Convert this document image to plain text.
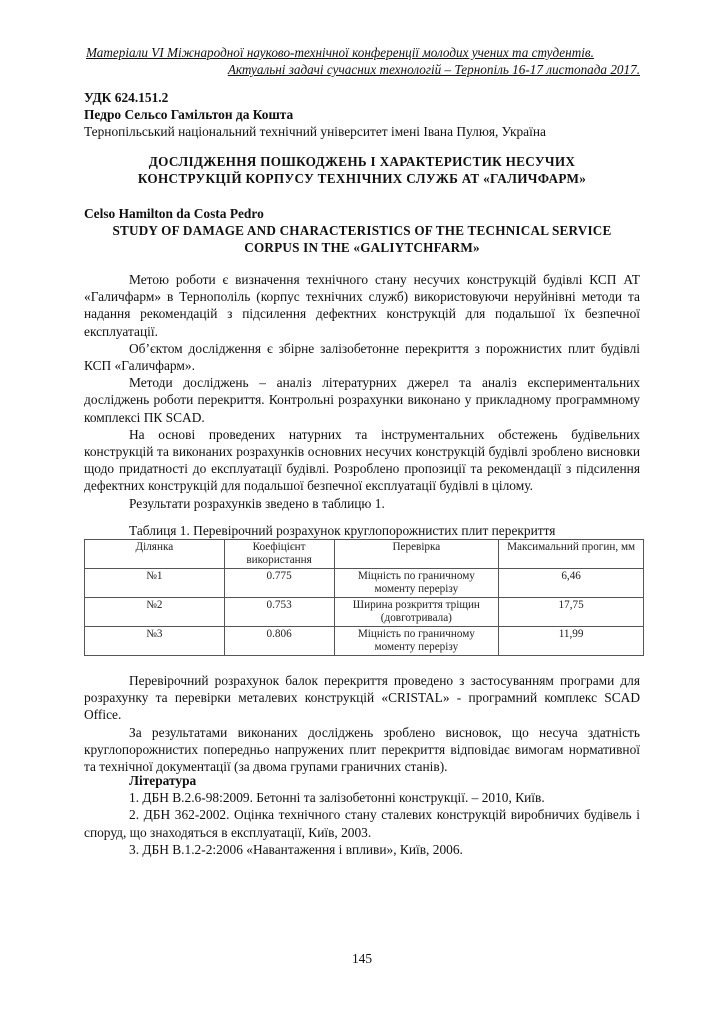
Матеріали VI Міжнародної науково-технічної конференції молодих учених та студентів.
Актуальні задачі сучасних технологій – Тернопіль 16-17 листопада 2017.
УДК 624.151.2
Педро Сельсо Гамільтон да Кошта
Тернопільський національний технічний університет імені Івана Пулюя, Україна
ДОСЛІДЖЕННЯ ПОШКОДЖЕНЬ І ХАРАКТЕРИСТИК НЕСУЧИХ
КОНСТРУКЦІЙ КОРПУСУ ТЕХНІЧНИХ СЛУЖБ АТ «ГАЛИЧФАРМ»
Celso Hamilton da Costa Pedro
STUDY OF DAMAGE AND CHARACTERISTICS OF THE TECHNICAL SERVICE
CORPUS IN THE «GALIYTCHFARM»

Метою роботи є визначення технічного стану несучих конструкцій будівлі КСП АТ «Галичфарм» в Тернополіль (корпус технічних служб) використовуючи неруйнівні методи та надання рекомендацій з підсилення дефектних конструкцій для подальшої їх безпечної експлуатації.

Об’єктом дослідження є збірне залізобетонне перекриття з порожнистих плит будівлі КСП «Галичфарм».

Методи досліджень – аналіз літературних джерел та аналіз експериментальних досліджень роботи перекриття. Контрольні розрахунки виконано у прикладному программному комплексі ПК SCAD.

На основі проведених натурних та інструментальних обстежень будівельних конструкцій та виконаних розрахунків основних несучих конструкцій будівлі зроблено висновки щодо придатності до експлуатації будівлі. Розроблено пропозиції та рекомендації з підсилення дефектних конструкцій для подальшої безпечної експлуатації будівлі в цілому.

Результати розрахунків зведено в таблицю 1.

Таблиця 1. Перевірочний розрахунок круглопорожнистих плит перекриття
Ділянка	Коефіцієнт використання	Перевірка	Максимальний прогин, мм
№1	0.775	Міцність по граничному моменту перерізу	6,46
№2	0.753	Ширина розкриття тріщин (довготривала)	17,75
№3	0.806	Міцність по граничному моменту перерізу	11,99

Перевірочний розрахунок балок перекриття проведено з застосуванням програми для розрахунку та перевірки металевих конструкцій «CRISTAL» - програмний комплекс SCAD Office.

За результатами виконаних досліджень зроблено висновок, що несуча здатність круглопорожнистих попередньо напружених плит перекриття відповідає вимогам нормативної та технічної документації (за двома групами граничних станів).

Література

1. ДБН В.2.6-98:2009. Бетонні та залізобетонні конструкції. – 2010, Київ.

2. ДБН 362-2002. Оцінка технічного стану сталевих конструкцій виробничих будівель і споруд, що знаходяться в експлуатації, Київ, 2003.

3. ДБН В.1.2-2:2006 «Навантаження і впливи», Київ, 2006.

145
